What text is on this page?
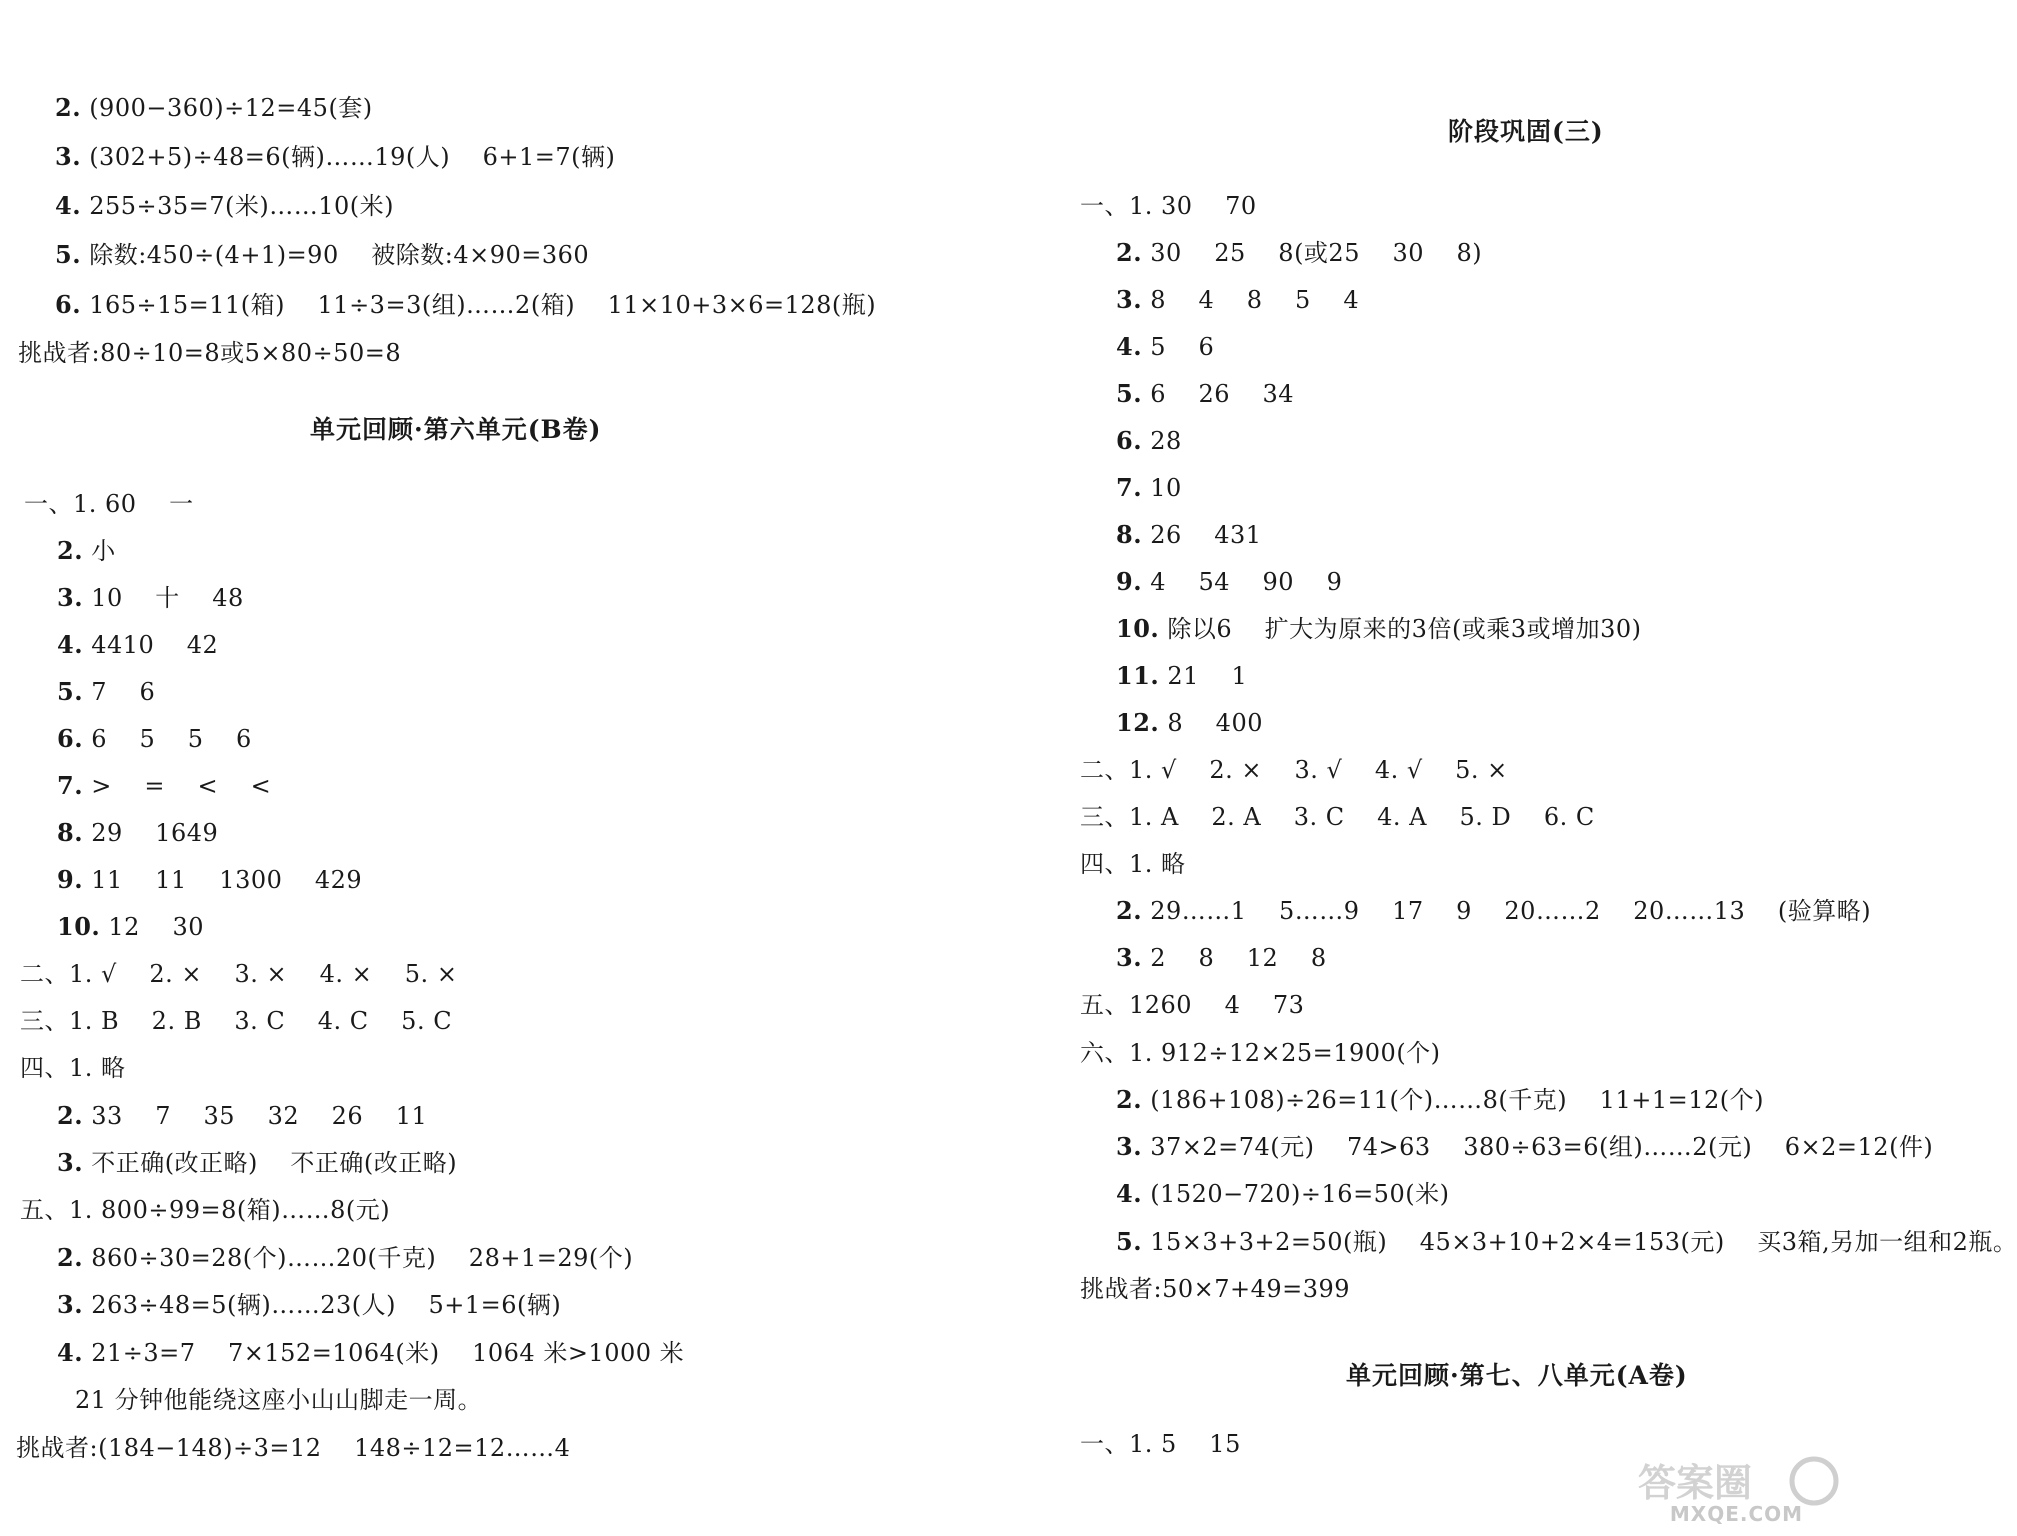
2. (900−360)÷12=45(套)
3. (302+5)÷48=6(辆)……19(人)    6+1=7(辆)
4. 255÷35=7(米)……10(米)
5. 除数:450÷(4+1)=90    被除数:4×90=360
6. 165÷15=11(箱)    11÷3=3(组)……2(箱)    11×10+3×6=128(瓶)
挑战者:80÷10=8或5×80÷50=8
一、1. 60    一
2. 小
3. 10    十    48
4. 4410    42
5. 7    6
6. 6    5    5    6
7. >    =    <    <
8. 29    1649
9. 11    11    1300    429
10. 12    30
二、1. √    2. ×    3. ×    4. ×    5. ×
三、1. B    2. B    3. C    4. C    5. C
四、1. 略
2. 33    7    35    32    26    11
3. 不正确(改正略)    不正确(改正略)
五、1. 800÷99=8(箱)……8(元)
2. 860÷30=28(个)……20(千克)    28+1=29(个)
3. 263÷48=5(辆)……23(人)    5+1=6(辆)
4. 21÷3=7    7×152=1064(米)    1064 米>1000 米
21 分钟他能绕这座小山山脚走一周。
挑战者:(184−148)÷3=12    148÷12=12……4
一、1. 30    70
2. 30    25    8(或25    30    8)
3. 8    4    8    5    4
4. 5    6
5. 6    26    34
6. 28
7. 10
8. 26    431
9. 4    54    90    9
10. 除以6    扩大为原来的3倍(或乘3或增加30)
11. 21    1
12. 8    400
二、1. √    2. ×    3. √    4. √    5. ×
三、1. A    2. A    3. C    4. A    5. D    6. C
四、1. 略
2. 29……1    5……9    17    9    20……2    20……13    (验算略)
3. 2    8    12    8
五、1260    4    73
六、1. 912÷12×25=1900(个)
2. (186+108)÷26=11(个)……8(千克)    11+1=12(个)
3. 37×2=74(元)    74>63    380÷63=6(组)……2(元)    6×2=12(件)
4. (1520−720)÷16=50(米)
5. 15×3+3+2=50(瓶)    45×3+10+2×4=153(元)    买3箱,另加一组和2瓶。
挑战者:50×7+49=399
一、1. 5    15
单元回顾·第六单元(B卷)
阶段巩固(三)
单元回顾·第七、八单元(A卷)
答案圈
MXQE.COM
